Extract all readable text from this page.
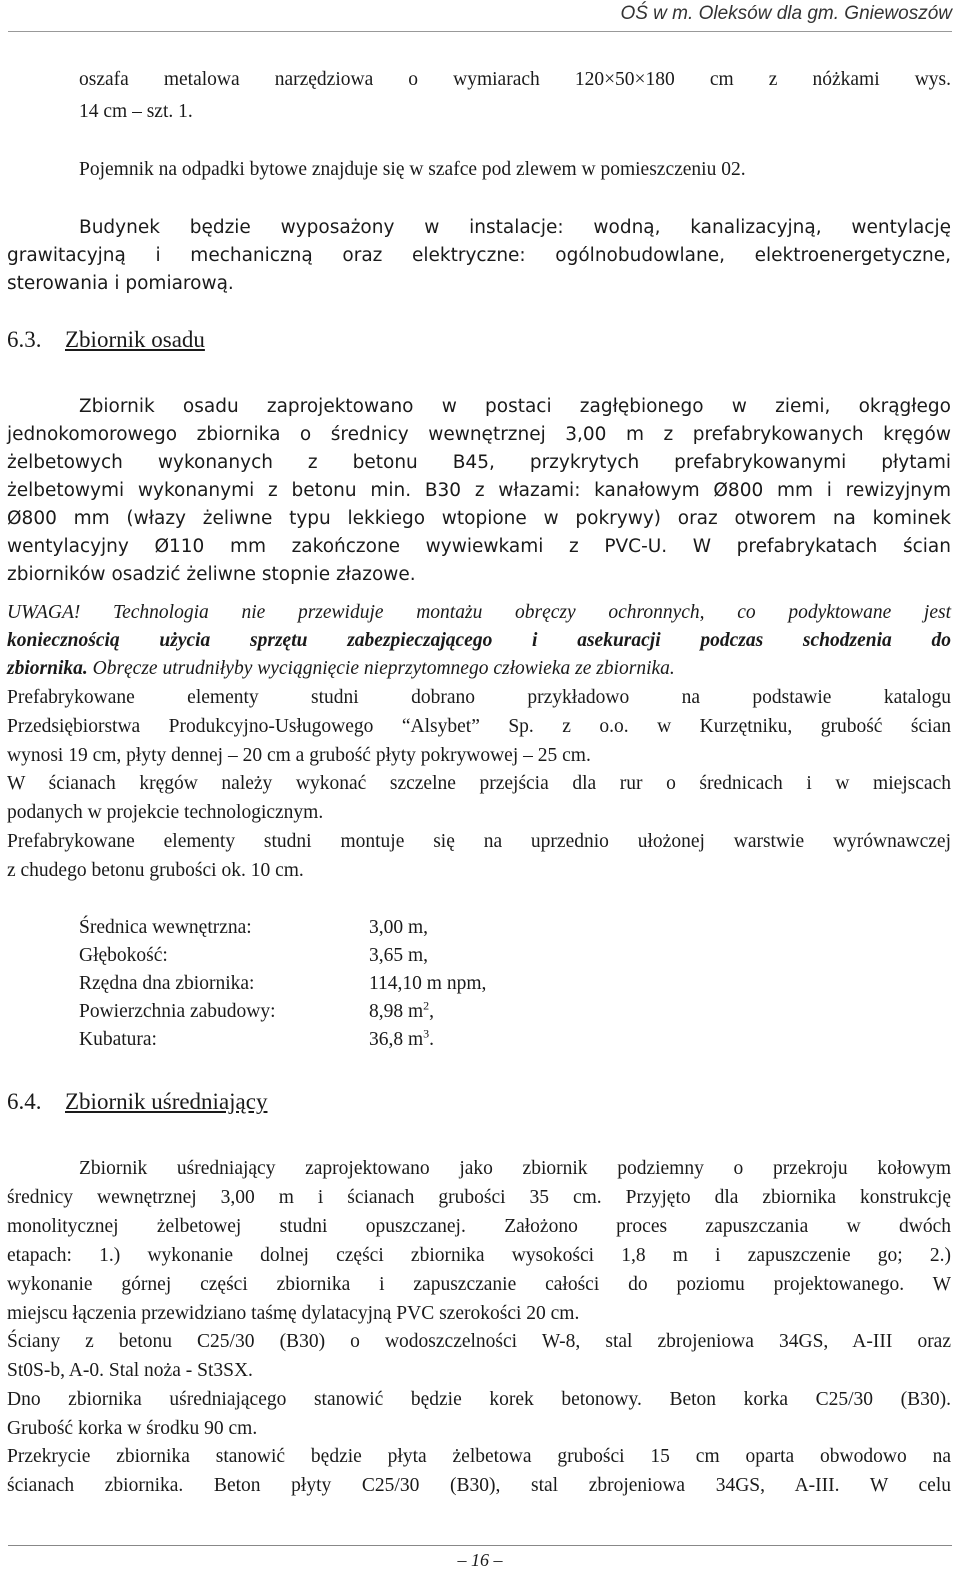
OŚ w m. Oleksów dla gm. Gniewoszów
oszafa metalowa narzędziowa o wymiarach 120×50×180 cm z nóżkami wys.
14 cm – szt. 1.
Pojemnik na odpadki bytowe znajduje się w szafce pod zlewem w pomieszczeniu 02.
Budynek będzie wyposażony w instalacje: wodną, kanalizacyjną, wentylację
grawitacyjną i mechaniczną oraz elektryczne: ogólnobudowlane, elektroenergetyczne,
sterowania i pomiarową.
6.3. Zbiornik osadu
Zbiornik osadu zaprojektowano w postaci zagłębionego w ziemi, okrągłego
jednokomorowego zbiornika o średnicy wewnętrznej 3,00 m z prefabrykowanych kręgów
żelbetowych wykonanych z betonu B45, przykrytych prefabrykowanymi płytami
żelbetowymi wykonanymi z betonu min. B30 z włazami: kanałowym Ø800 mm i rewizyjnym
Ø800 mm (włazy żeliwne typu lekkiego wtopione w pokrywy) oraz otworem na kominek
wentylacyjny Ø110 mm zakończone wywiewkami z PVC-U. W prefabrykatach ścian
zbiorników osadzić żeliwne stopnie złazowe.
UWAGA! Technologia nie przewiduje montażu obręczy ochronnych, co podyktowane jest
koniecznością użycia sprzętu zabezpieczającego i asekuracji podczas schodzenia do
zbiornika. Obręcze utrudniłyby wyciągnięcie nieprzytomnego człowieka ze zbiornika.
Prefabrykowane elementy studni dobrano przykładowo na podstawie katalogu
Przedsiębiorstwa Produkcyjno-Usługowego “Alsybet” Sp. z o.o. w Kurzętniku, grubość ścian
wynosi 19 cm, płyty dennej – 20 cm a grubość płyty pokrywowej – 25 cm.
W ścianach kręgów należy wykonać szczelne przejścia dla rur o średnicach i w miejscach
podanych w projekcie technologicznym.
Prefabrykowane elementy studni montuje się na uprzednio ułożonej warstwie wyrównawczej
z chudego betonu grubości ok. 10 cm.
Średnica wewnętrzna:	3,00 m,
Głębokość:	3,65 m,
Rzędna dna zbiornika:	114,10 m npm,
Powierzchnia zabudowy:	8,98 $m^2$,
Kubatura:	36,8 $m^3$.
6.4. Zbiornik uśredniający
Zbiornik uśredniający zaprojektowano jako zbiornik podziemny o przekroju kołowym
średnicy wewnętrznej 3,00 m i ścianach grubości 35 cm. Przyjęto dla zbiornika konstrukcję
monolitycznej żelbetowej studni opuszczanej. Założono proces zapuszczania w dwóch
etapach: 1.) wykonanie dolnej części zbiornika wysokości 1,8 m i zapuszczenie go; 2.)
wykonanie górnej części zbiornika i zapuszczanie całości do poziomu projektowanego. W
miejscu łączenia przewidziano taśmę dylatacyjną PVC szerokości 20 cm.
Ściany z betonu C25/30 (B30) o wodoszczelności W-8, stal zbrojeniowa 34GS, A-III oraz
St0S-b, A-0. Stal noża - St3SX.
Dno zbiornika uśredniającego stanowić będzie korek betonowy. Beton korka C25/30 (B30).
Grubość korka w środku 90 cm.
Przekrycie zbiornika stanowić będzie płyta żelbetowa grubości 15 cm oparta obwodowo na
ścianach zbiornika. Beton płyty C25/30 (B30), stal zbrojeniowa 34GS, A-III. W celu
– 16 –
